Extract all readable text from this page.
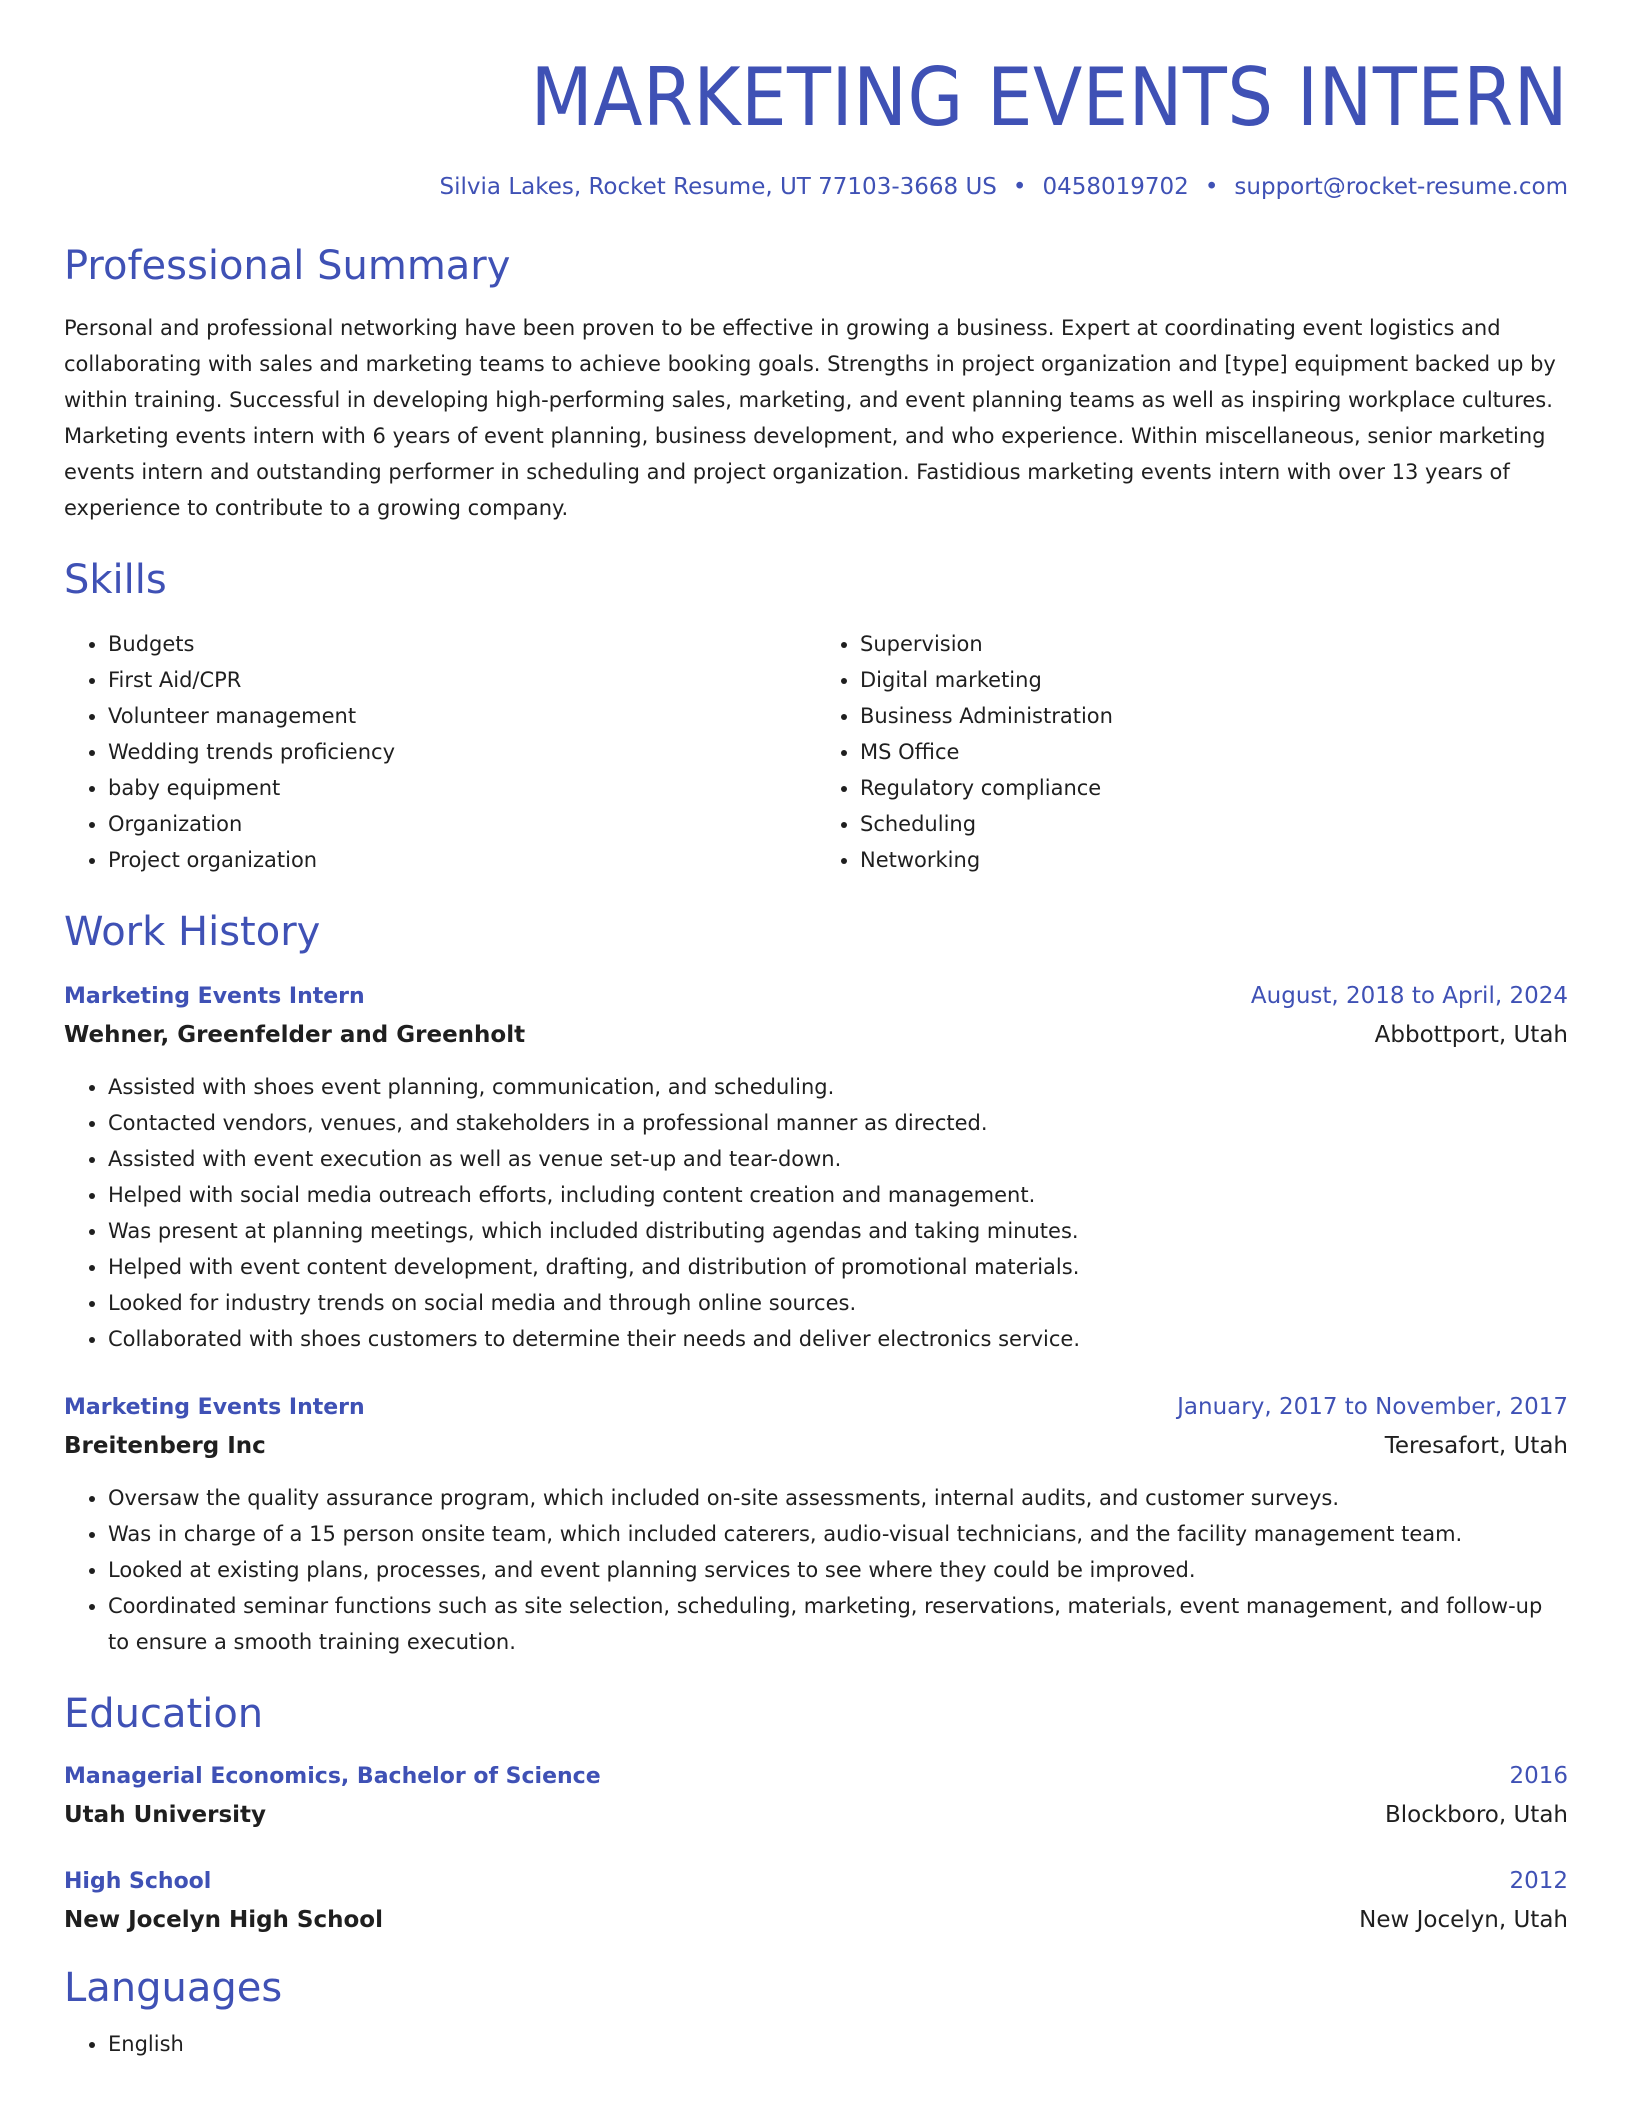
MARKETING EVENTS INTERN
Silvia Lakes, Rocket Resume, UT 77103-3668 US • 0458019702 • support@rocket-resume.com
Professional Summary
Personal and professional networking have been proven to be effective in growing a business. Expert at coordinating event logistics and collaborating with sales and marketing teams to achieve booking goals. Strengths in project organization and [type] equipment backed up by within training. Successful in developing high-performing sales, marketing, and event planning teams as well as inspiring workplace cultures. Marketing events intern with 6 years of event planning, business development, and who experience. Within miscellaneous, senior marketing events intern and outstanding performer in scheduling and project organization. Fastidious marketing events intern with over 13 years of experience to contribute to a growing company.
Skills
• Budgets
• First Aid/CPR
• Volunteer management
• Wedding trends proficiency
• baby equipment
• Organization
• Project organization
• Supervision
• Digital marketing
• Business Administration
• MS Office
• Regulatory compliance
• Scheduling
• Networking
Work History
Marketing Events Intern	August, 2018 to April, 2024
Wehner, Greenfelder and Greenholt	Abbottport, Utah
• Assisted with shoes event planning, communication, and scheduling.
• Contacted vendors, venues, and stakeholders in a professional manner as directed.
• Assisted with event execution as well as venue set-up and tear-down.
• Helped with social media outreach efforts, including content creation and management.
• Was present at planning meetings, which included distributing agendas and taking minutes.
• Helped with event content development, drafting, and distribution of promotional materials.
• Looked for industry trends on social media and through online sources.
• Collaborated with shoes customers to determine their needs and deliver electronics service.
Marketing Events Intern	January, 2017 to November, 2017
Breitenberg Inc	Teresafort, Utah
• Oversaw the quality assurance program, which included on-site assessments, internal audits, and customer surveys.
• Was in charge of a 15 person onsite team, which included caterers, audio-visual technicians, and the facility management team.
• Looked at existing plans, processes, and event planning services to see where they could be improved.
• Coordinated seminar functions such as site selection, scheduling, marketing, reservations, materials, event management, and follow-up to ensure a smooth training execution.
Education
Managerial Economics, Bachelor of Science	2016
Utah University	Blockboro, Utah
High School	2012
New Jocelyn High School	New Jocelyn, Utah
Languages
• English
